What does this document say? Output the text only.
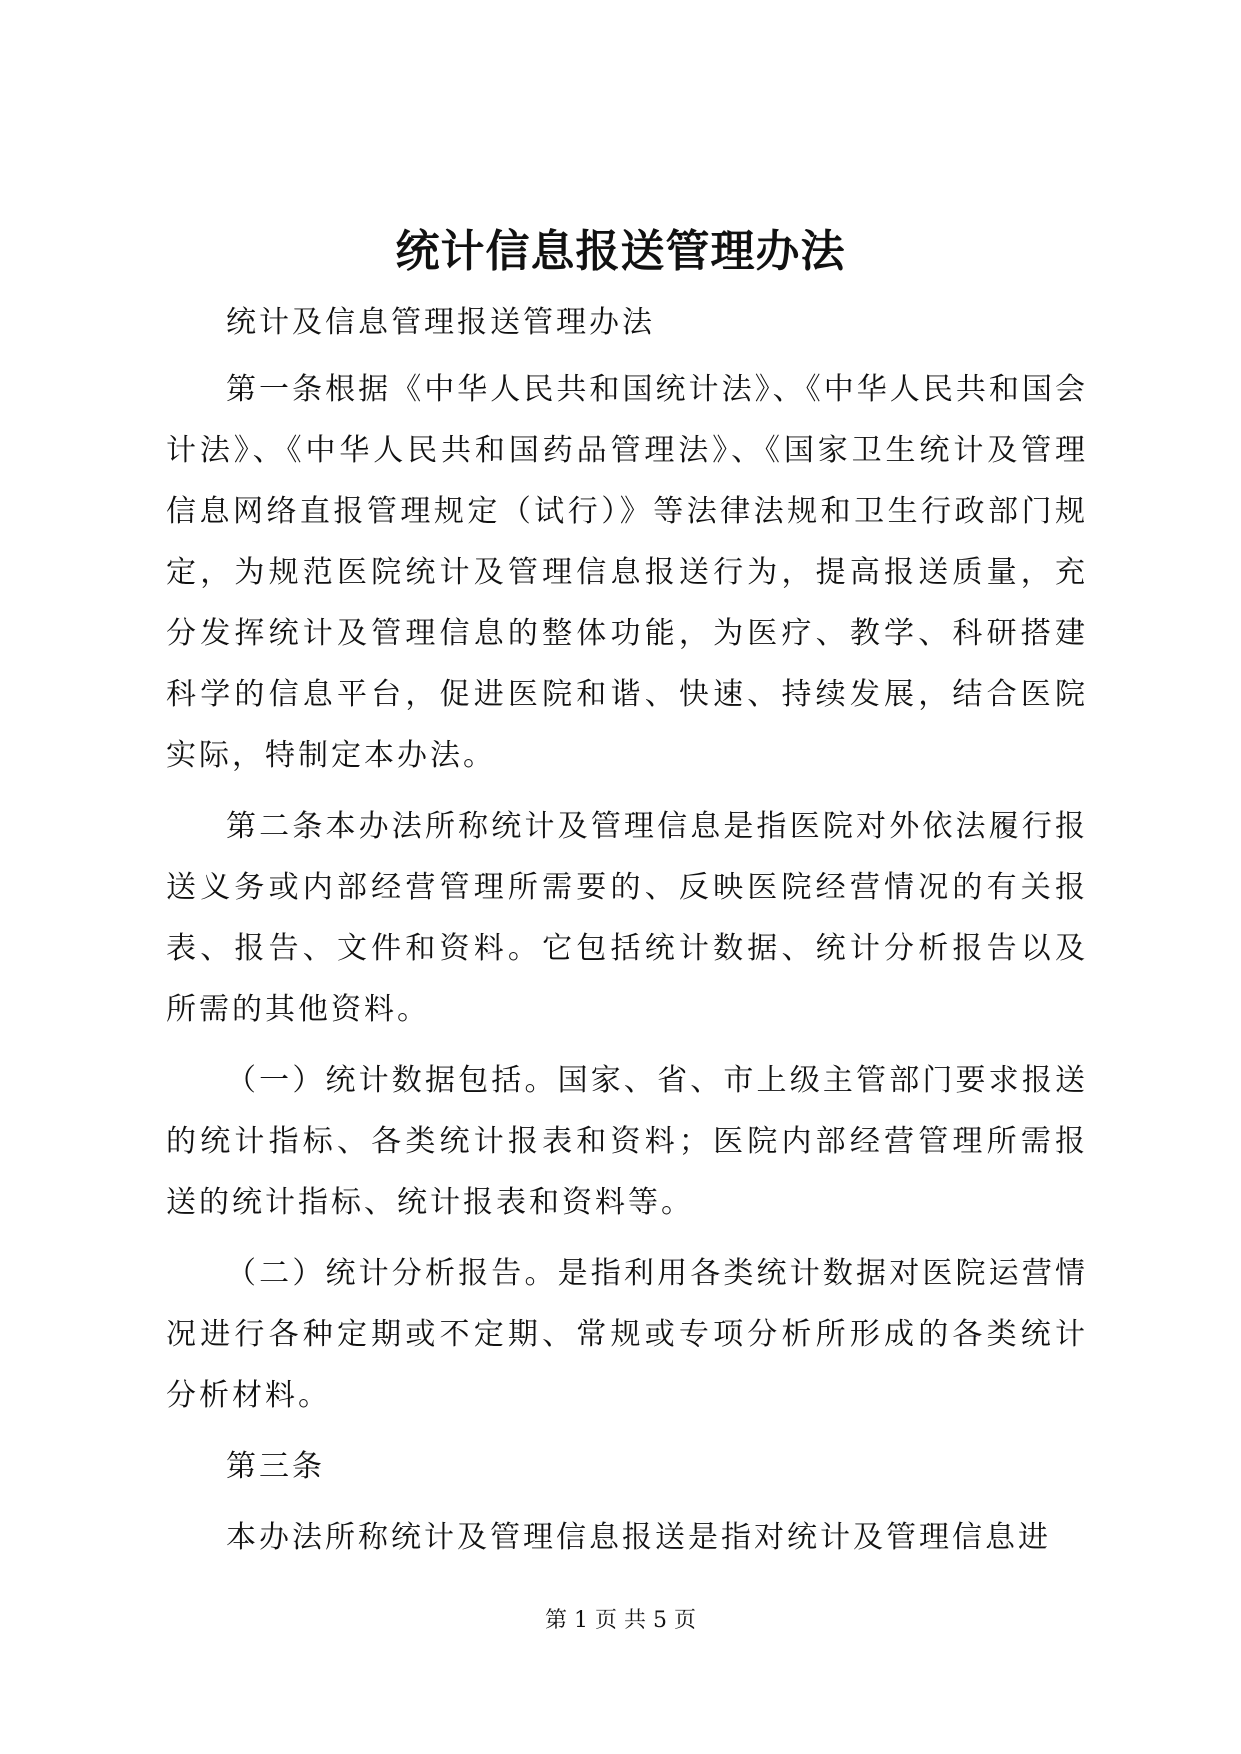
统计信息报送管理办法

统计及信息管理报送管理办法

第一条根据《中华人民共和国统计法》、《中华人民共和国会计法》、《中华人民共和国药品管理法》、《国家卫生统计及管理信息网络直报管理规定（试行）》等法律法规和卫生行政部门规定，为规范医院统计及管理信息报送行为，提高报送质量，充分发挥统计及管理信息的整体功能，为医疗、教学、科研搭建科学的信息平台，促进医院和谐、快速、持续发展，结合医院实际，特制定本办法。

第二条本办法所称统计及管理信息是指医院对外依法履行报送义务或内部经营管理所需要的、反映医院经营情况的有关报表、报告、文件和资料。它包括统计数据、统计分析报告以及所需的其他资料。

（一）统计数据包括。国家、省、市上级主管部门要求报送的统计指标、各类统计报表和资料；医院内部经营管理所需报送的统计指标、统计报表和资料等。

（二）统计分析报告。是指利用各类统计数据对医院运营情况进行各种定期或不定期、常规或专项分析所形成的各类统计分析材料。

第三条

本办法所称统计及管理信息报送是指对统计及管理信息进

第 1 页 共 5 页
